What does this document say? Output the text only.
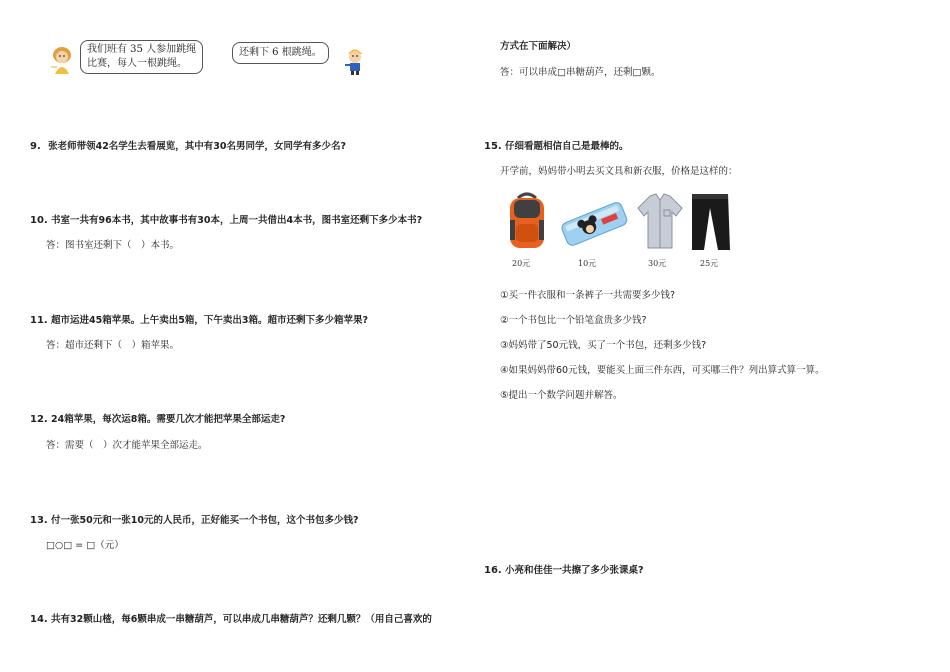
我们班有 35 人参加跳绳
比赛，每人一根跳绳。
还剩下 6 根跳绳。
9. 张老师带领42名学生去看展览，其中有30名男同学，女同学有多少名?
10. 书室一共有96本书，其中故事书有30本，上周一共借出4本书，图书室还剩下多少本书?
答：图书室还剩下（　）本书。
11. 超市运进45箱苹果。上午卖出5箱，下午卖出3箱。超市还剩下多少箱苹果?
答：超市还剩下（　）箱苹果。
12. 24箱苹果，每次运8箱。需要几次才能把苹果全部运走?
答：需要（　）次才能苹果全部运走。
13. 付一张50元和一张10元的人民币，正好能买一个书包，这个书包多少钱?
□○□ = □（元）
14. 共有32颗山楂，每6颗串成一串糖葫芦，可以串成几串糖葫芦？还剩几颗？（用自己喜欢的
方式在下面解决）
答：可以串成□串糖葫芦，还剩□颗。
15. 仔细看题相信自己是最棒的。
开学前，妈妈带小明去买文具和新衣服，价格是这样的：
20元	10元	30元	25元
①买一件衣服和一条裤子一共需要多少钱?
②一个书包比一个铅笔盒贵多少钱?
③妈妈带了50元钱，买了一个书包，还剩多少钱?
④如果妈妈带60元钱，要能买上面三件东西，可买哪三件？列出算式算一算。
⑤提出一个数学问题并解答。
16. 小亮和佳佳一共擦了多少张课桌?
